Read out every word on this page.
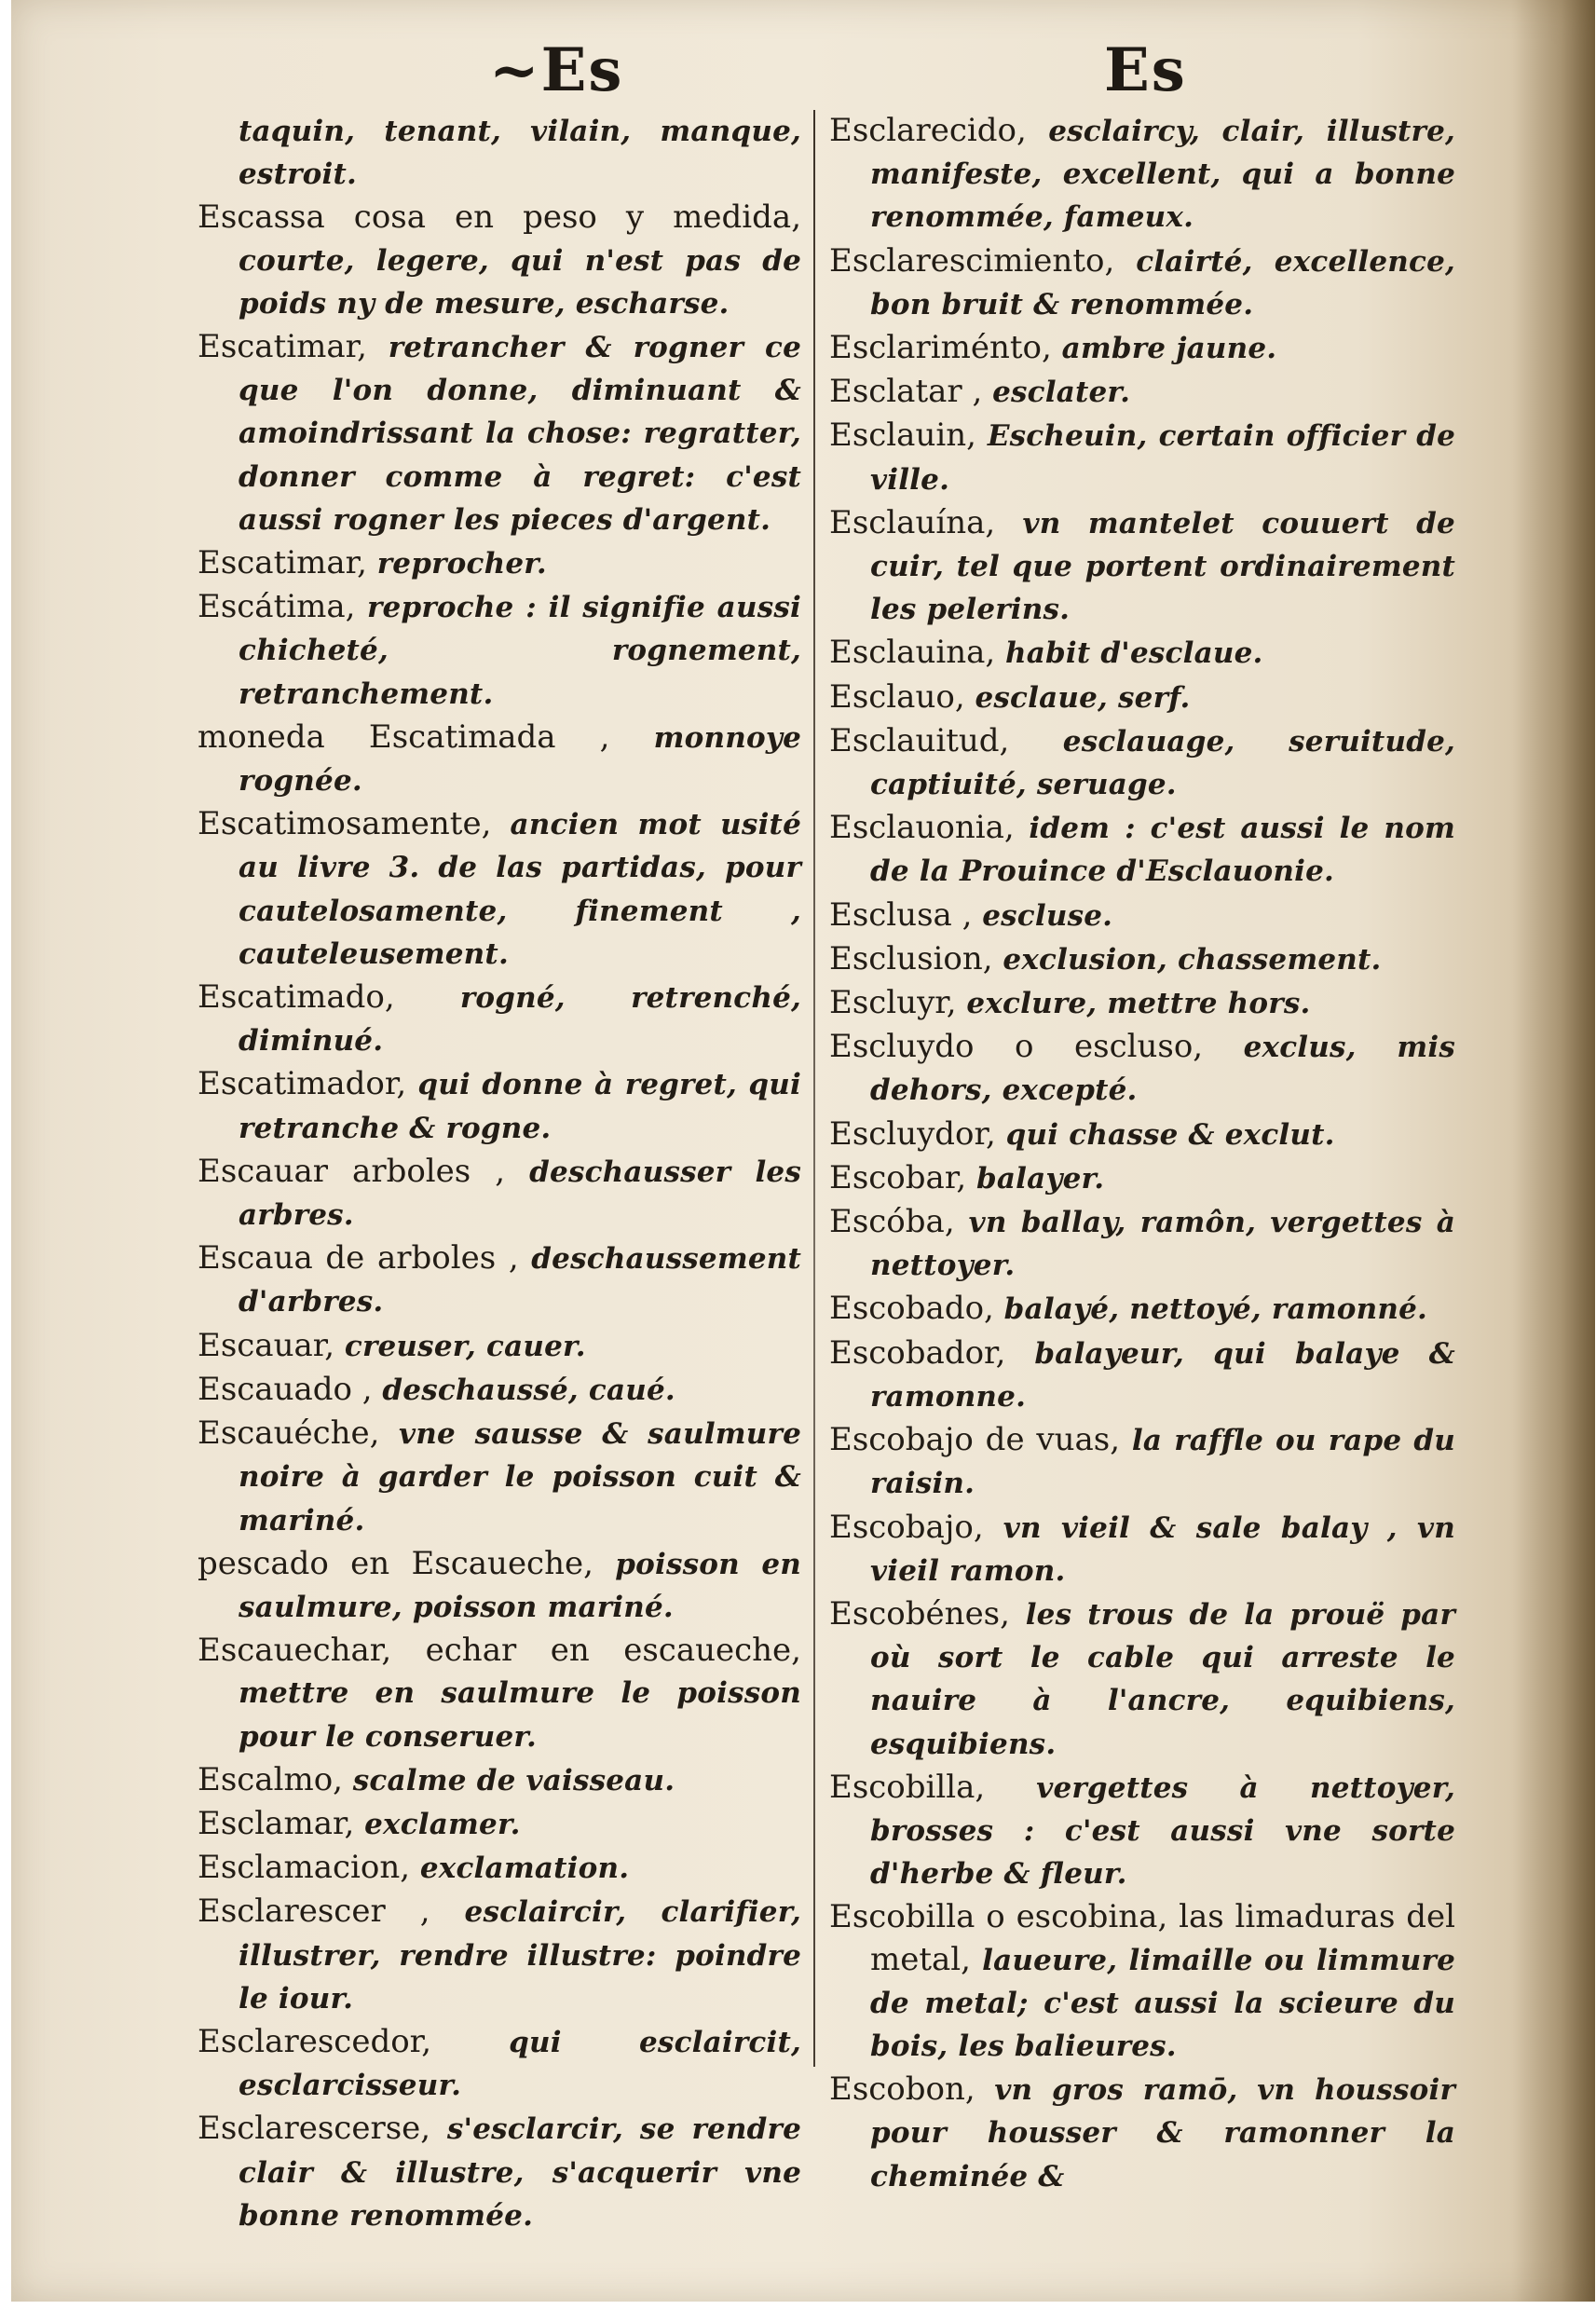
~Es	Es

taquin, tenant, vilain, manque, estroit.

Escassa cosa en peso y medida, courte, legere, qui n'est pas de poids ny de mesure, escharse.

Escatimar, retrancher & rogner ce que l'on donne, diminuant & amoindrissant la chose: regratter, donner comme à regret: c'est aussi rogner les pieces d'argent.

Escatimar, reprocher.

Escátima, reproche : il signifie aussi chicheté, rognement, retranchement.

moneda Escatimada , monnoye rognée.

Escatimosamente, ancien mot usité au livre 3. de las partidas, pour cautelosamente, finement , cauteleusement.

Escatimado, rogné, retrenché, diminué.

Escatimador, qui donne à regret, qui retranche & rogne.

Escauar arboles , deschausser les arbres.

Escaua de arboles , deschaussement d'arbres.

Escauar, creuser, cauer.

Escauado , deschaussé, caué.

Escauéche, vne sausse & saulmure noire à garder le poisson cuit & mariné.

pescado en Escaueche, poisson en saulmure, poisson mariné.

Escauechar, echar en escaueche, mettre en saulmure le poisson pour le conseruer.

Escalmo, scalme de vaisseau.

Esclamar, exclamer.

Esclamacion, exclamation.

Esclarescer , esclaircir, clarifier, illustrer, rendre illustre: poindre le iour.

Esclarescedor, qui esclaircit, esclarcisseur.

Esclarescerse, s'esclarcir, se rendre clair & illustre, s'acquerir vne bonne renommée.

Esclarecido, esclaircy, clair, illustre, manifeste, excellent, qui a bonne renommée, fameux.

Esclarescimiento, clairté, excellence, bon bruit & renommée.

Esclariménto, ambre jaune.

Esclatar , esclater.

Esclauin, Escheuin, certain officier de ville.

Esclauína, vn mantelet couuert de cuir, tel que portent ordinairement les pelerins.

Esclauina, habit d'esclaue.

Esclauo, esclaue, serf.

Esclauitud, esclauage, seruitude, captiuité, seruage.

Esclauonia, idem : c'est aussi le nom de la Prouince d'Esclauonie.

Esclusa , escluse.

Esclusion, exclusion, chassement.

Escluyr, exclure, mettre hors.

Escluydo o escluso, exclus, mis dehors, excepté.

Escluydor, qui chasse & exclut.

Escobar, balayer.

Escóba, vn ballay, ramôn, vergettes à nettoyer.

Escobado, balayé, nettoyé, ramonné.

Escobador, balayeur, qui balaye & ramonne.

Escobajo de vuas, la raffle ou rape du raisin.

Escobajo, vn vieil & sale balay , vn vieil ramon.

Escobénes, les trous de la prouë par où sort le cable qui arreste le nauire à l'ancre, equibiens, esquibiens.

Escobilla, vergettes à nettoyer, brosses : c'est aussi vne sorte d'herbe & fleur.

Escobilla o escobina, las limaduras del metal, laueure, limaille ou limmure de metal; c'est aussi la scieure du bois, les balieures.

Escobon, vn gros ramō, vn houssoir pour housser & ramonner la cheminée &
